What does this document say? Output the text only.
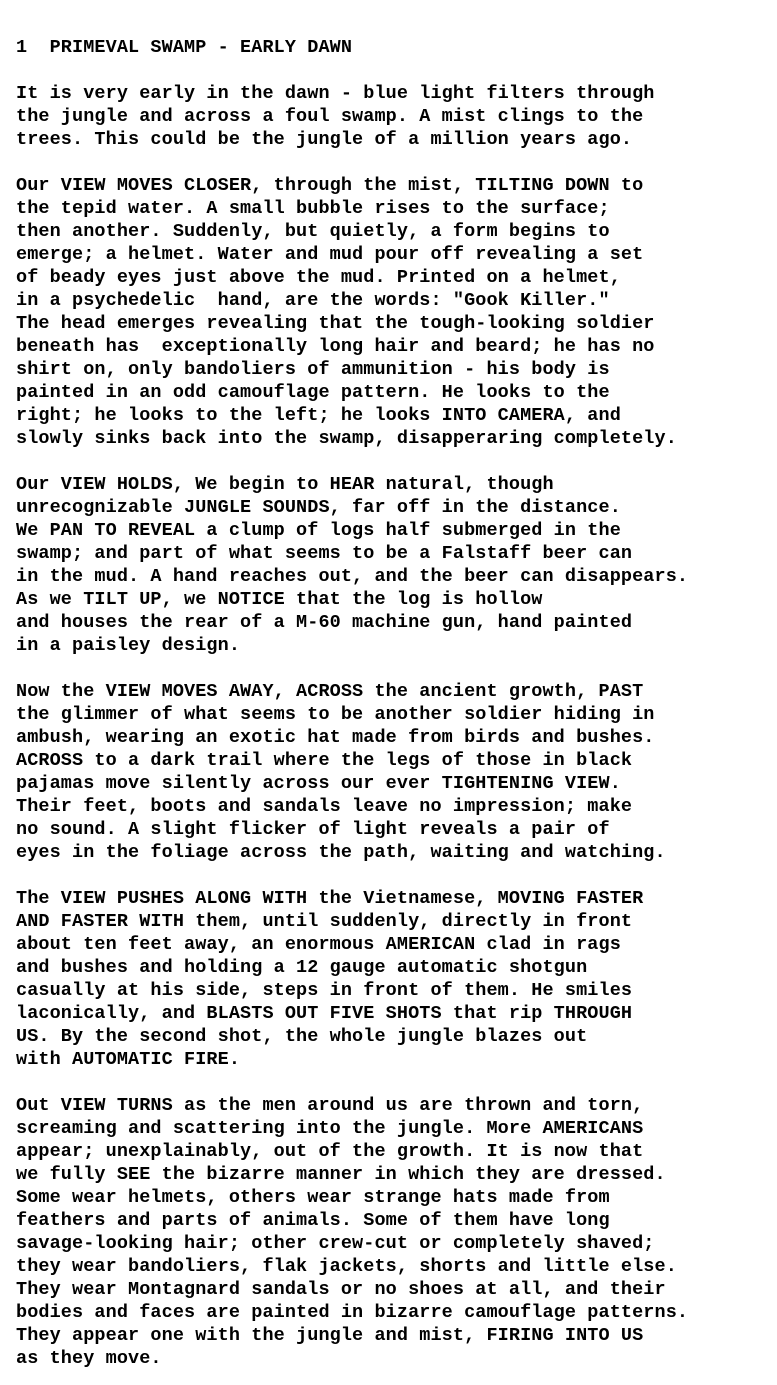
1  PRIMEVAL SWAMP - EARLY DAWN
It is very early in the dawn - blue light filters through
the jungle and across a foul swamp. A mist clings to the
trees. This could be the jungle of a million years ago.
Our VIEW MOVES CLOSER, through the mist, TILTING DOWN to
the tepid water. A small bubble rises to the surface;
then another. Suddenly, but quietly, a form begins to
emerge; a helmet. Water and mud pour off revealing a set
of beady eyes just above the mud. Printed on a helmet,
in a psychedelic  hand, are the words: "Gook Killer."
The head emerges revealing that the tough-looking soldier
beneath has  exceptionally long hair and beard; he has no
shirt on, only bandoliers of ammunition - his body is
painted in an odd camouflage pattern. He looks to the
right; he looks to the left; he looks INTO CAMERA, and
slowly sinks back into the swamp, disapperaring completely.
Our VIEW HOLDS, We begin to HEAR natural, though
unrecognizable JUNGLE SOUNDS, far off in the distance.
We PAN TO REVEAL a clump of logs half submerged in the
swamp; and part of what seems to be a Falstaff beer can
in the mud. A hand reaches out, and the beer can disappears.
As we TILT UP, we NOTICE that the log is hollow
and houses the rear of a M-60 machine gun, hand painted
in a paisley design.
Now the VIEW MOVES AWAY, ACROSS the ancient growth, PAST
the glimmer of what seems to be another soldier hiding in
ambush, wearing an exotic hat made from birds and bushes.
ACROSS to a dark trail where the legs of those in black
pajamas move silently across our ever TIGHTENING VIEW.
Their feet, boots and sandals leave no impression; make
no sound. A slight flicker of light reveals a pair of
eyes in the foliage across the path, waiting and watching.
The VIEW PUSHES ALONG WITH the Vietnamese, MOVING FASTER
AND FASTER WITH them, until suddenly, directly in front
about ten feet away, an enormous AMERICAN clad in rags
and bushes and holding a 12 gauge automatic shotgun
casually at his side, steps in front of them. He smiles
laconically, and BLASTS OUT FIVE SHOTS that rip THROUGH
US. By the second shot, the whole jungle blazes out
with AUTOMATIC FIRE.
Out VIEW TURNS as the men around us are thrown and torn,
screaming and scattering into the jungle. More AMERICANS
appear; unexplainably, out of the growth. It is now that
we fully SEE the bizarre manner in which they are dressed.
Some wear helmets, others wear strange hats made from
feathers and parts of animals. Some of them have long
savage-looking hair; other crew-cut or completely shaved;
they wear bandoliers, flak jackets, shorts and little else.
They wear Montagnard sandals or no shoes at all, and their
bodies and faces are painted in bizarre camouflage patterns.
They appear one with the jungle and mist, FIRING INTO US
as they move.
